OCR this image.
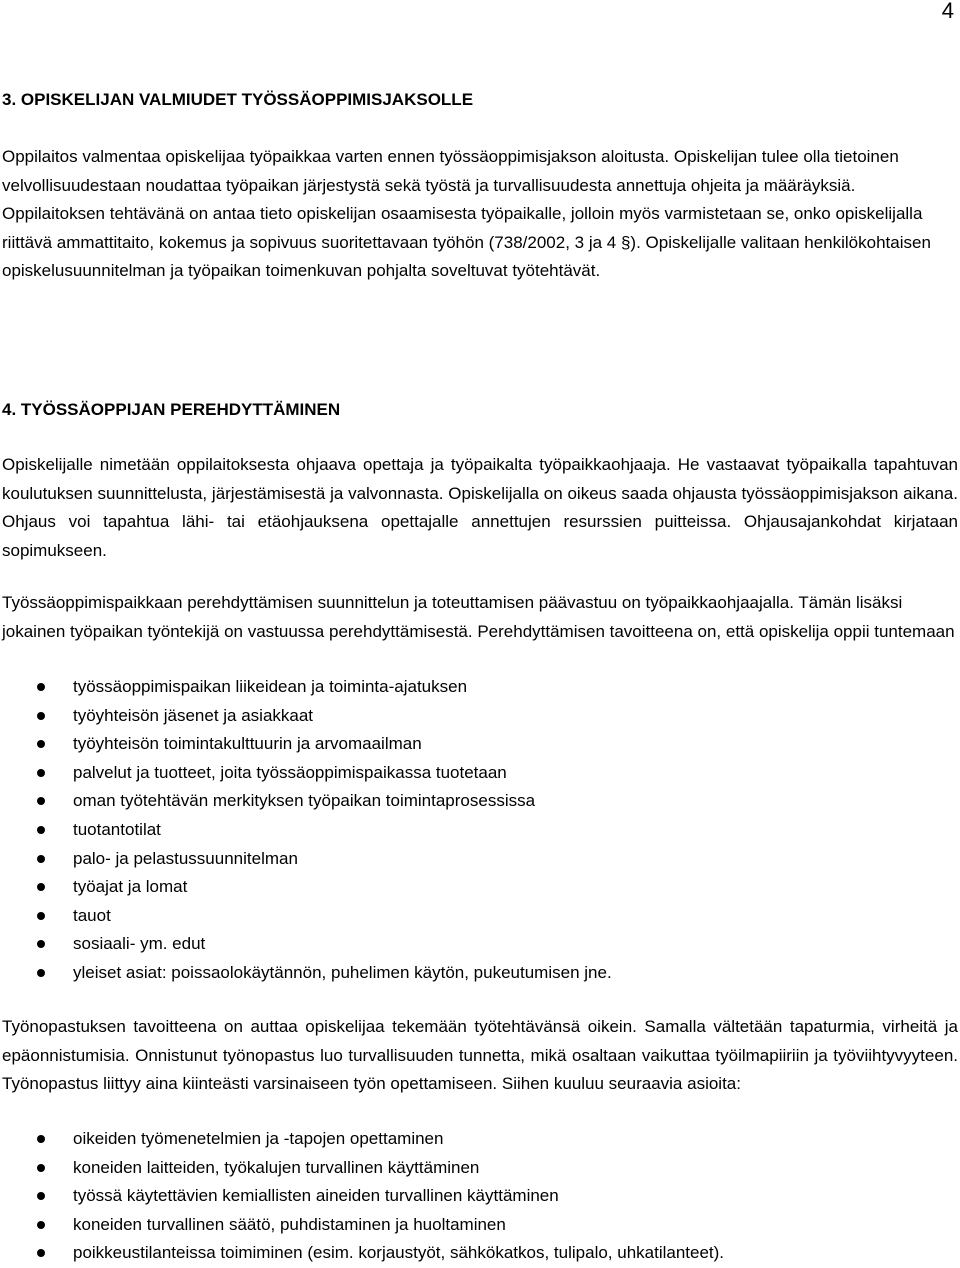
4
3. OPISKELIJAN VALMIUDET TYÖSSÄOPPIMISJAKSOLLE

Oppilaitos valmentaa opiskelijaa työpaikkaa varten ennen työssäoppimisjakson aloitusta. Opiskelijan tulee olla tietoinen velvollisuudestaan noudattaa työpaikan järjestystä sekä työstä ja turvallisuudesta annettuja ohjeita ja määräyksiä. Oppilaitoksen tehtävänä on antaa tieto opiskelijan osaamisesta työpaikalle, jolloin myös varmistetaan se, onko opiskelijalla riittävä ammattitaito, kokemus ja sopivuus suoritettavaan työhön (738/2002, 3 ja 4 §). Opiskelijalle valitaan henkilökohtaisen opiskelusuunnitelman ja työpaikan toimenkuvan pohjalta soveltuvat työtehtävät.

4. TYÖSSÄOPPIJAN PEREHDYTTÄMINEN

Opiskelijalle nimetään oppilaitoksesta ohjaava opettaja ja työpaikalta työpaikkaohjaaja. He vastaavat työpaikalla tapahtuvan koulutuksen suunnittelusta, järjestämisestä ja valvonnasta. Opiskelijalla on oikeus saada ohjausta työssäoppimisjakson aikana. Ohjaus voi tapahtua lähi- tai etäohjauksena opettajalle annettujen resurssien puitteissa. Ohjausajankohdat kirjataan sopimukseen.

Työssäoppimispaikkaan perehdyttämisen suunnittelun ja toteuttamisen päävastuu on työpaikkaohjaajalla. Tämän lisäksi jokainen työpaikan työntekijä on vastuussa perehdyttämisestä. Perehdyttämisen tavoitteena on, että opiskelija oppii tuntemaan

työssäoppimispaikan liikeidean ja toiminta-ajatuksen
työyhteisön jäsenet ja asiakkaat
työyhteisön toimintakulttuurin ja arvomaailman
palvelut ja tuotteet, joita työssäoppimispaikassa tuotetaan
oman työtehtävän merkityksen työpaikan toimintaprosessissa
tuotantotilat
palo- ja pelastussuunnitelman
työajat ja lomat
tauot
sosiaali- ym. edut
yleiset asiat: poissaolokäytännön, puhelimen käytön, pukeutumisen jne.

Työnopastuksen tavoitteena on auttaa opiskelijaa tekemään työtehtävänsä oikein. Samalla vältetään tapaturmia, virheitä ja epäonnistumisia. Onnistunut työnopastus luo turvallisuuden tunnetta, mikä osaltaan vaikuttaa työilmapiiriin ja työviihtyvyyteen. Työnopastus liittyy aina kiinteästi varsinaiseen työn opettamiseen. Siihen kuuluu seuraavia asioita:

oikeiden työmenetelmien ja -tapojen opettaminen
koneiden laitteiden, työkalujen turvallinen käyttäminen
työssä käytettävien kemiallisten aineiden turvallinen käyttäminen
koneiden turvallinen säätö, puhdistaminen ja huoltaminen
poikkeustilanteissa toimiminen (esim. korjaustyöt, sähkökatkos, tulipalo, uhkatilanteet).
